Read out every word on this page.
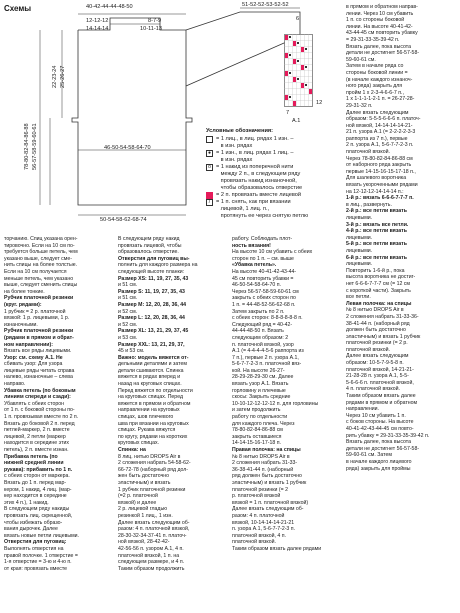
Схемы	40-42-44-44-48-50
12-12-12
14-14-14
8-7-9
10-11-13
51-52-52-53-52-52
6
22-23-24 25-26-27
78-80-82-84-86-88 56-57-58-59-60-61	46-50-54-58-64-70
50-54-58-62-68-74
12
7
A.1
Условные обозначения:
= 1 лиц., в лиц. рядах 1 изн. –
в изн. рядах
● = 1 изн., в лиц. рядах 1 лиц. –
в изн. рядах
o = 1 накид из поперечной нити
между 2 п., в следующем ряду
провязать накид изнаночной,
чтобы образовалось отверстие
= 2 п. провязать вместе лицевой
/	= 1 п. снять, как при вязании
лицевой, 1 лиц. п.,
протянуть ее через снятую петлю

торчанию. Спиц указана орен-

тировочно. Если на 10 см по-

требуется больше петель, чем

указано выше, следует сме-

нить спицы на более толстые.

Если на 10 см получается

меньше петель, чем указано

выше, следует сменить спицы

на более тонкие.

Рубчик платочной резинки

(круг. рядами):

1 рубчик = 2 р. платочной

вязкой: 1 р. лицевыми, 1 р.

изнаночными.

Рубчик платочной резинки

(рядами в прямом и обрат-

ном направлении):

Вязать все ряды лицевыми.

Узор: см. схему А.1. Не

сбивать узор: Для узора

лицевые ряды читать справа

налево, изнаночные – слева

направо.

Убавка петель (по боковым

линиям спереди и сзади):

Убавлять с обеих сторон

от 1 п. с боковой стороны по-

1 п. провязывая вместе по 2 п.

Вязать до боковой 2 п. перед

петлей-маркер, 2 п. вместе

лицевой, 2 петли (маркер

находится в середине этих

петель), 2 п. вместе изнан.

Прибавка петель (по

нижней средней линии

рукава): прибавить по 1 п.

с обеих сторон от маркера.

Вязать до 1 п. перед мар-

кером, 1 накид, 4 лиц. (мар-

кер находится в середине

этих 4 п.), 1 накид.

В следующем ряду накиды

провязать лиц. скрещенной,

чтобы избежать образо-

вания дырочек. Далее

вязать новые петли лицевыми.

Отверстия для пуговиц:

Выполнять отверстия на

правой полочке. 1 отверстие =

1-я отверстие = 3-ю и 4-ю п.

от края: провязать вместе

В следующем ряду накид

провязать лицевой, чтобы

образовалось отверстие.

Отверстия для пуговиц вы-

полнить для каждого размера на

следующей высоте планки:

Размер XS: 11, 19, 27, 35, 43

и 51 см.

Размер S: 11, 19, 27, 35, 43

и 51 см.

Размер M: 12, 20, 28, 36, 44

и 52 см.

Размер L: 12, 20, 28, 36, 44

и 52 см.

Размер XL: 13, 21, 29, 37, 45

и 53 см.

Размер XXL: 13, 21, 29, 37,

45 и 53 см.

Важно: модель вяжется от-

дельными деталями и затем

детали сшиваются. Спинка

вяжется в рядах вперед и

назад на круговых спицах.

Перед вяжется по отдельности

на круговых спицах. Перед

вяжется в прямом и обратном

направлении на круговых

спицах, шов плечевого

шва при вязании на круговых

спицах. Рукава вяжутся

по кругу, рядами на коротких

круговых спицах.

Спинка: на

8 лиц. нитью DROPS Air в

2 сложения набрать 54-58-62-

66-72-78 (наборный ряд дол-

жен быть достаточно

эластичным) и вязать

1 рубчик платочной резинки

(=2 р. платочной

вязкой) и далее

2 р. лицевой гладью

резинкой 1 лиц., 1 изн.

Далее вязать следующим об-

разом: 4 п. платочной вязкой,

28-30-32-34-37-41 п. платоч-

ной вязкой, 28-42-42-

42-56-56 п. узором А.1, 4 п.

платочной вязкой, 1 п. на

следующем размере, и 4 п.

Таким образом продолжить

работу. Соблюдать плот-

ность вязания!

На высоте 10 см убавить с обеих

сторон по 1 п. – см. выше

«Убавка петель».

На высоте 40-41-42-43-44-

45 см повторить убавки =

46-50-54-58-64-70 п.

Через 56-57-58-59-60-61 см

закрыть с обеих сторон по

1 п. = 44-48-52-56-62-68 п.

Затем закрыть по 2 п.

с обеих сторон: 8-8-8-8-8-8 п.

Следующий ряд = 40-42-

44-44-48-50 п. Вязать

следующим образом: 2

п. платочной вязкой, узор

A.1 (= 4-4-4-4-5-6 раппорта из

7 п.), первые 2 п. узора А.1,

5-6-7-7-2-3 п. платочной вяз-

кой. На высоте 26-27-

28-29-28-29-30 см. Далее

вязать узор А.1. Вязать

горловину и плечевые

скосы: Закрыть средние

10-10-12-12-12-12 п. для горловины

и затем продолжить

работу по отдельности

для каждого плеча. Через

78-80-82-84-86-88 см

закрыть оставшиеся

14-14-15-16-17-18 п.

Правая полочка: на спицы

№ 8 нитью DROPS Air в

2 сложения набрать 31-33-

36-38-41-44 п. (наборный

ряд должен быть достаточно

эластичным) и вязать 1 рубчик

платочной резинки (= 2

р. платочной вязкой

вязкой = 1 п. платочной вязкой)

Далее вязать следующим об-

разом: 4 п. платочной

вязкой, 10-14-14-14-21-21

п. узора А.1, 5-6-7-7-2-3 п.

платочной вязкой, 4 п.

платочной вязкой.

Таким образом вязать далее рядами

в прямом и обратном направ-

лении. Через 10 см убавить

1 п. со стороны боковой

линии. На высоте 40-41-42-

43-44-45 см повторить убавку

= 29-31-33-35-39-42 п.

Вязать далее, пока высота

детали не достигнет 56-57-58-

59-60-61 см.

Затем в начале ряда со

стороны боковой линии =

(в начале каждого изнаноч-

ного ряда) закрыть для

пройм 1 х 2-3-4-6-6-7 п.,

1 х 1-1-1-1-2-1 п. = 26-27-28-

29-31-32 п.

Далее вязать следующим

образом: 5-5-5-6-6-6 п. платоч-

ной вязкой, 14-14-14-14-21-

21 п. узора А.1 (= 2-2-2-2-3-3

раппорта из 7 п.), первые

2 п. узора А.1, 5-6-7-7-2-3 п.

платочной вязкой.

Через 78-80-82-84-86-88 см

от наборного ряда закрыть

первые 14-15-16-15-17-18 п.,

Для шалевого воротника

вязать укороченными рядами

на 12-12-12-14-14-14 п.:

1-й р.: вязать 6-6-6-7-7-7 п.

в лиц., развернуть.

2-й р.: все петли вязать

лицевыми.

3-й р.: вязать все петли.

4-й р.: все петли вязать

лицевыми.

5-й р.: все петли вязать

лицевыми.

6-й р.: все петли вязать

лицевыми.

Повторить 1-6-й р., пока

высота воротника не достиг-

нет 6-6-6-7-7-7 см (= 12 см

с короткой части). Закрыть

все петли.

Левая полочка: на спицы

№ 8 нитью DROPS Air в

2 сложения набрать 31-33-36-

38-41-44 п. (наборный ряд

должен быть достаточно

эластичным) и вязать 1 рубчик

платочной резинки (= 2 р.

платочной вязкой.

Далее вязать следующим

образом: 10-5-7-9-5-8 п.

платочной вязкой, 14-21-21-

21-28-28 п. узора А.1, 5-5-

5-6-6-6 п. платочной вязкой,

4 п. платочной вязкой.

Таким образом вязать далее

рядами в прямом и обратном

направлении.

Через 10 см убавить 1 п.

с боков стороны. На высоте

40-41-42-43-44-45 см повто-

рить убавку = 29-31-33-35-39-42 п.

Вязать далее, пока высота

детали не достигнет 56-57-58-

59-60-61 см. Затем

в начале каждого лицевого

ряда) закрыть для проймы
